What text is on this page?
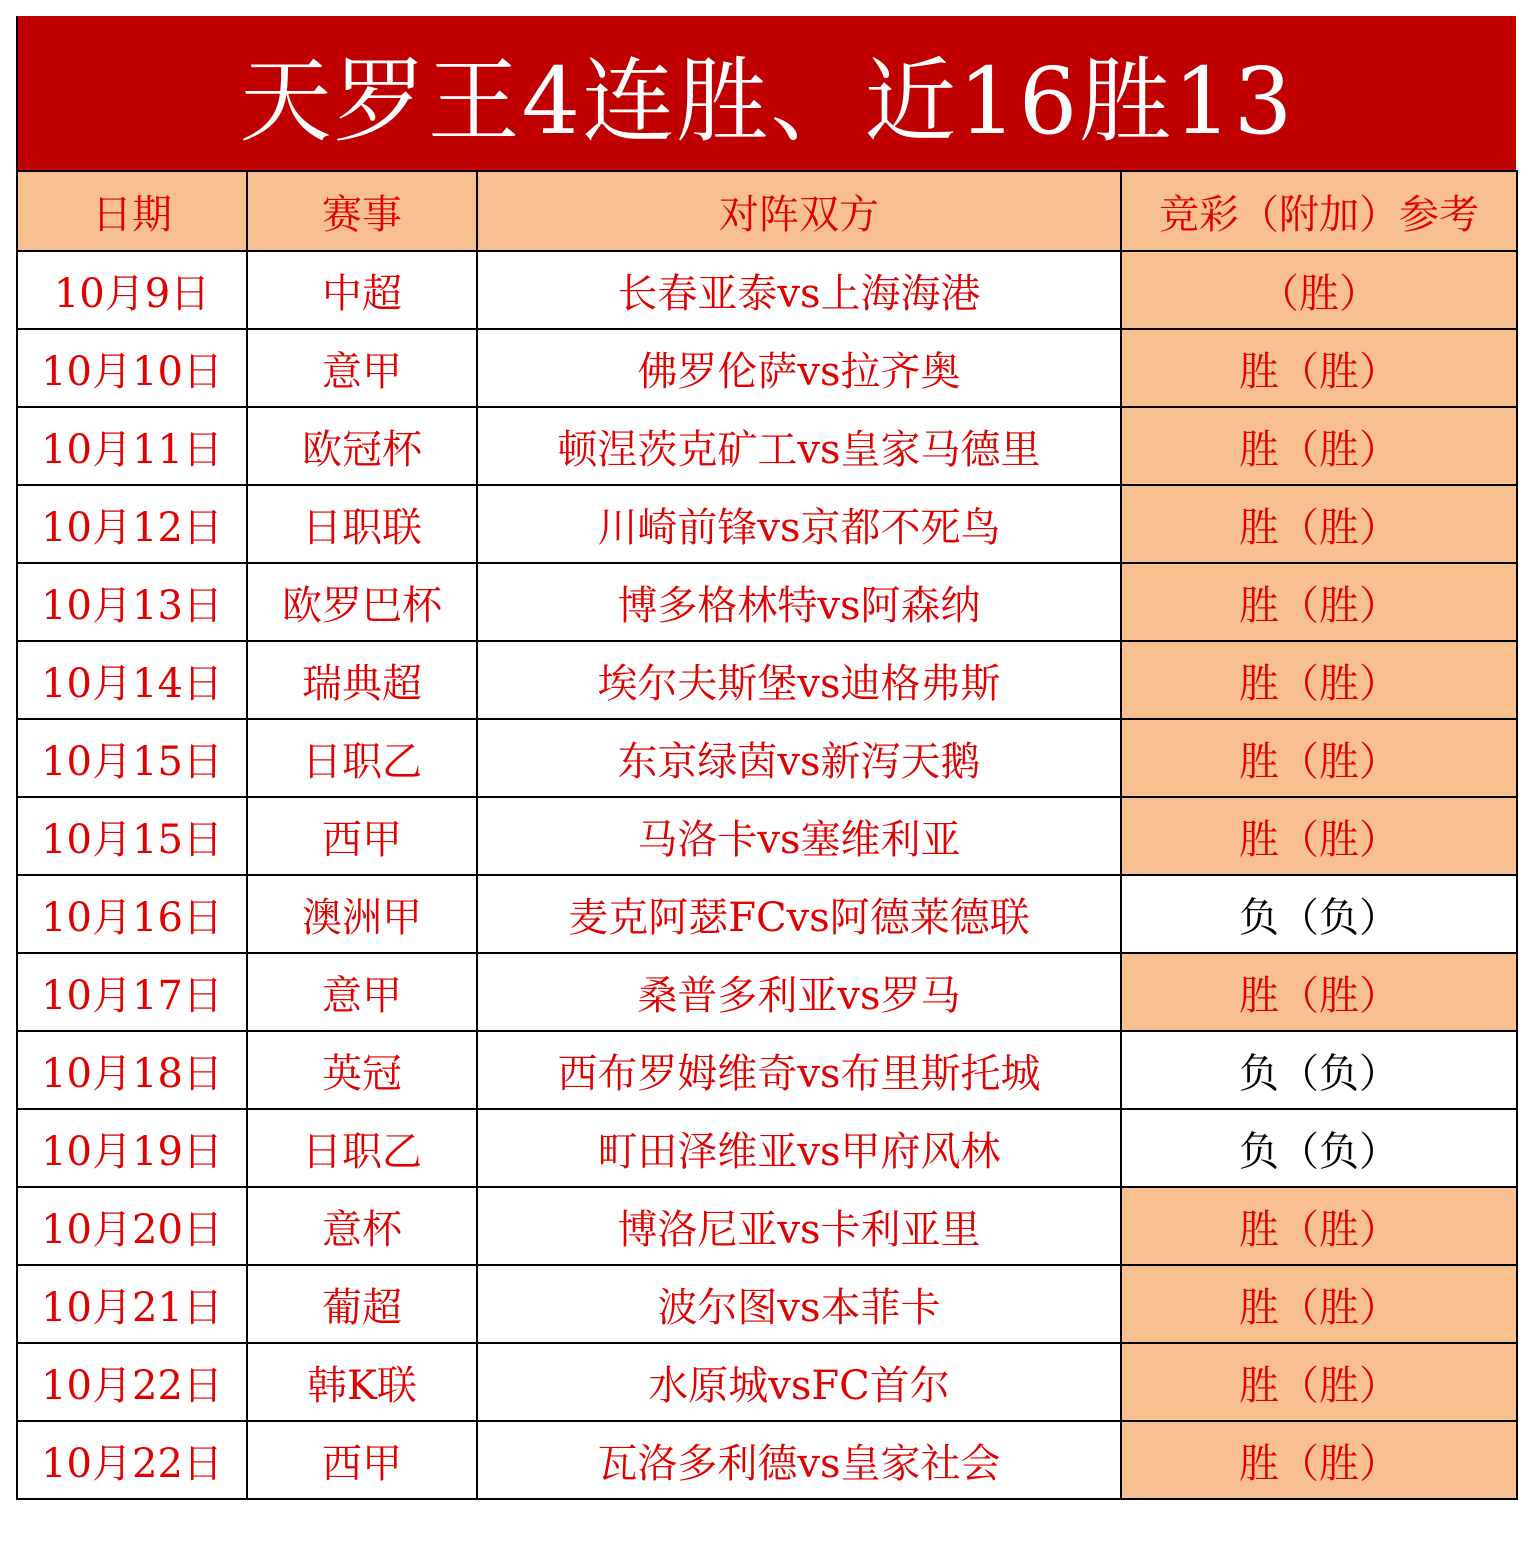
天罗王4连胜、近16胜13
日期	赛事	对阵双方	竞彩（附加）参考
10月9日	中超	长春亚泰vs上海海港	（胜）
10月10日	意甲	佛罗伦萨vs拉齐奥	胜（胜）
10月11日	欧冠杯	顿涅茨克矿工vs皇家马德里	胜（胜）
10月12日	日职联	川崎前锋vs京都不死鸟	胜（胜）
10月13日	欧罗巴杯	博多格林特vs阿森纳	胜（胜）
10月14日	瑞典超	埃尔夫斯堡vs迪格弗斯	胜（胜）
10月15日	日职乙	东京绿茵vs新泻天鹅	胜（胜）
10月15日	西甲	马洛卡vs塞维利亚	胜（胜）
10月16日	澳洲甲	麦克阿瑟FCvs阿德莱德联	负（负）
10月17日	意甲	桑普多利亚vs罗马	胜（胜）
10月18日	英冠	西布罗姆维奇vs布里斯托城	负（负）
10月19日	日职乙	町田泽维亚vs甲府风林	负（负）
10月20日	意杯	博洛尼亚vs卡利亚里	胜（胜）
10月21日	葡超	波尔图vs本菲卡	胜（胜）
10月22日	韩K联	水原城vsFC首尔	胜（胜）
10月22日	西甲	瓦洛多利德vs皇家社会	胜（胜）
